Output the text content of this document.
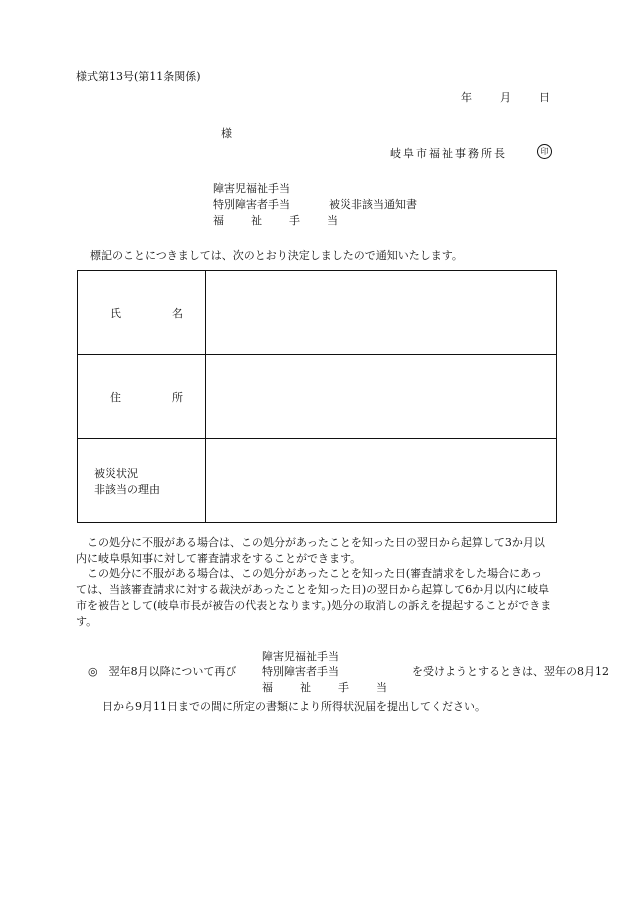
様式第13号(第11条関係)
年	月	日
様
岐阜市福祉事務所長	印
障害児福祉手当
特別障害者手当
福　祉　手　当
被災非該当通知書
標記のことにつきましては、次のとおり決定しましたので通知いたします。
氏　名	
住　所	

被災状況
非該当の理由	

この処分に不服がある場合は、この処分があったことを知った日の翌日から起算して3か月以内に岐阜県知事に対して審査請求をすることができます。

この処分に不服がある場合は、この処分があったことを知った日(審査請求をした場合にあっては、当該審査請求に対する裁決があったことを知った日)の翌日から起算して6か月以内に岐阜市を被告として(岐阜市長が被告の代表となります。)処分の取消しの訴えを提起することができます。

障害児福祉手当
特別障害者手当
福　祉　手　当
◎　翌年8月以降について再び	を受けようとするときは、翌年の8月12
日から9月11日までの間に所定の書類により所得状況届を提出してください。
